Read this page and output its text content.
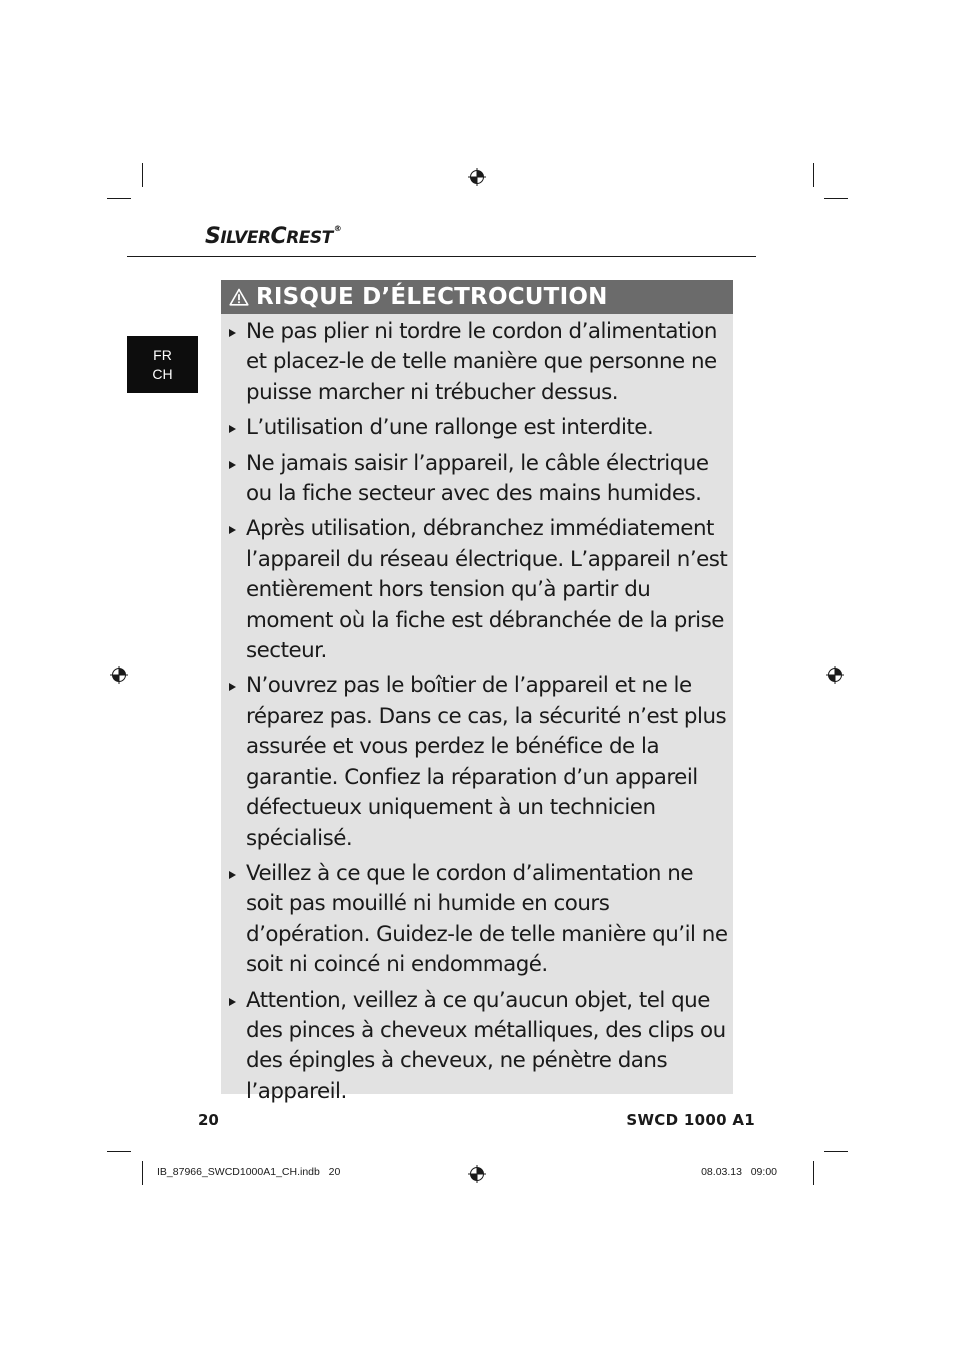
SILVERCREST®
FR
CH
RISQUE D’ÉLECTROCUTION
Ne pas plier ni tordre le cordon d’alimentation et placez-le de telle manière que personne ne puisse marcher ni trébucher dessus.
L’utilisation d’une rallonge est interdite.
Ne jamais saisir l’appareil, le câble électrique ou la fiche secteur avec des mains humides.
Après utilisation, débranchez immédiatement l’appareil du réseau électrique. L’appareil n’est entièrement hors tension qu’à partir du moment où la fiche est débranchée de la prise secteur.
N’ouvrez pas le boîtier de l’appareil et ne le réparez pas. Dans ce cas, la sécurité n’est plus assurée et vous perdez le bénéfice de la garantie. Confiez la réparation d’un appareil défectueux uniquement à un technicien spécialisé.
Veillez à ce que le cordon d’alimentation ne soit pas mouillé ni humide en cours d’opération. Guidez-le de telle manière qu’il ne soit ni coincé ni endommagé.
Attention, veillez à ce qu’aucun objet, tel que des pinces à cheveux métalliques, des clips ou des épingles à cheveux, ne pénètre dans l’appareil.
20	SWCD 1000 A1
IB_87966_SWCD1000A1_CH.indb   20	08.03.13   09:00
